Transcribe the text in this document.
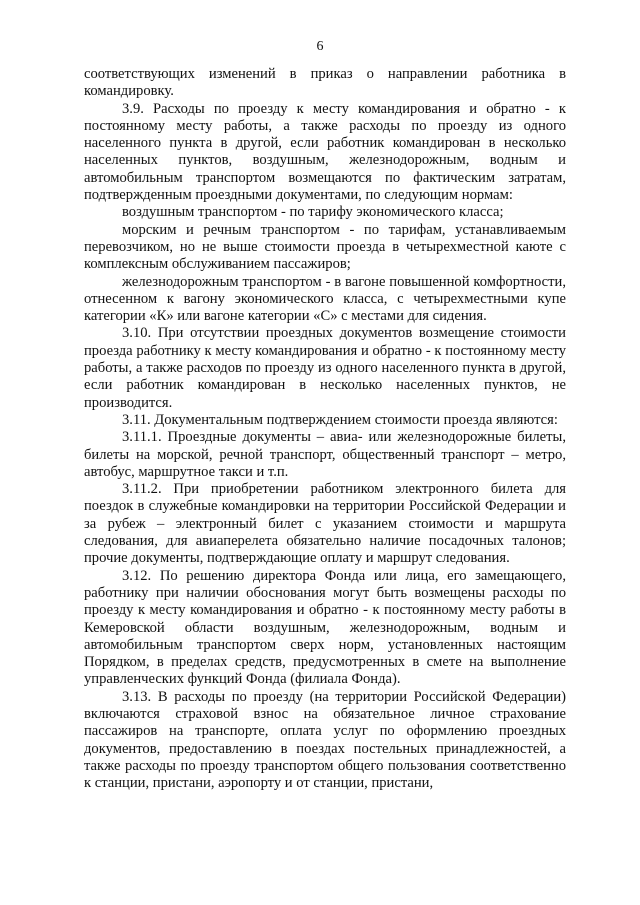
6

соответствующих изменений в приказ о направлении работника в командировку.

3.9. Расходы по проезду к месту командирования и обратно - к постоянному месту работы, а также расходы по проезду из одного населенного пункта в другой, если работник командирован в несколько населенных пунктов, воздушным, железнодорожным, водным и автомобильным транспортом возмещаются по фактическим затратам, подтвержденным проездными документами, по следующим нормам:

воздушным транспортом - по тарифу экономического класса;

морским и речным транспортом - по тарифам, устанавливаемым перевозчиком, но не выше стоимости проезда в четырехместной каюте с комплексным обслуживанием пассажиров;

железнодорожным транспортом - в вагоне повышенной комфортности, отнесенном к вагону экономического класса, с четырехместными купе категории «К» или вагоне категории «С» с местами для сидения.

3.10. При отсутствии проездных документов возмещение стоимости проезда работнику к месту командирования и обратно - к постоянному месту работы, а также расходов по проезду из одного населенного пункта в другой, если работник командирован в несколько населенных пунктов, не производится.

3.11. Документальным подтверждением стоимости проезда являются:

3.11.1. Проездные документы – авиа- или железнодорожные билеты, билеты на морской, речной транспорт, общественный транспорт – метро, автобус, маршрутное такси и т.п.

3.11.2. При приобретении работником электронного билета для поездок в служебные командировки на территории Российской Федерации и за рубеж – электронный билет с указанием стоимости и маршрута следования, для авиаперелета обязательно наличие посадочных талонов; прочие документы, подтверждающие оплату и маршрут следования.

3.12. По решению директора Фонда или лица, его замещающего, работнику при наличии обоснования могут быть возмещены расходы по проезду к месту командирования и обратно - к постоянному месту работы в Кемеровской области воздушным, железнодорожным, водным и автомобильным транспортом сверх норм, установленных настоящим Порядком, в пределах средств, предусмотренных в смете на выполнение управленческих функций Фонда (филиала Фонда).

3.13. В расходы по проезду (на территории Российской Федерации) включаются страховой взнос на обязательное личное страхование пассажиров на транспорте, оплата услуг по оформлению проездных документов, предоставлению в поездах постельных принадлежностей, а также расходы по проезду транспортом общего пользования соответственно к станции, пристани, аэропорту и от станции, пристани,
